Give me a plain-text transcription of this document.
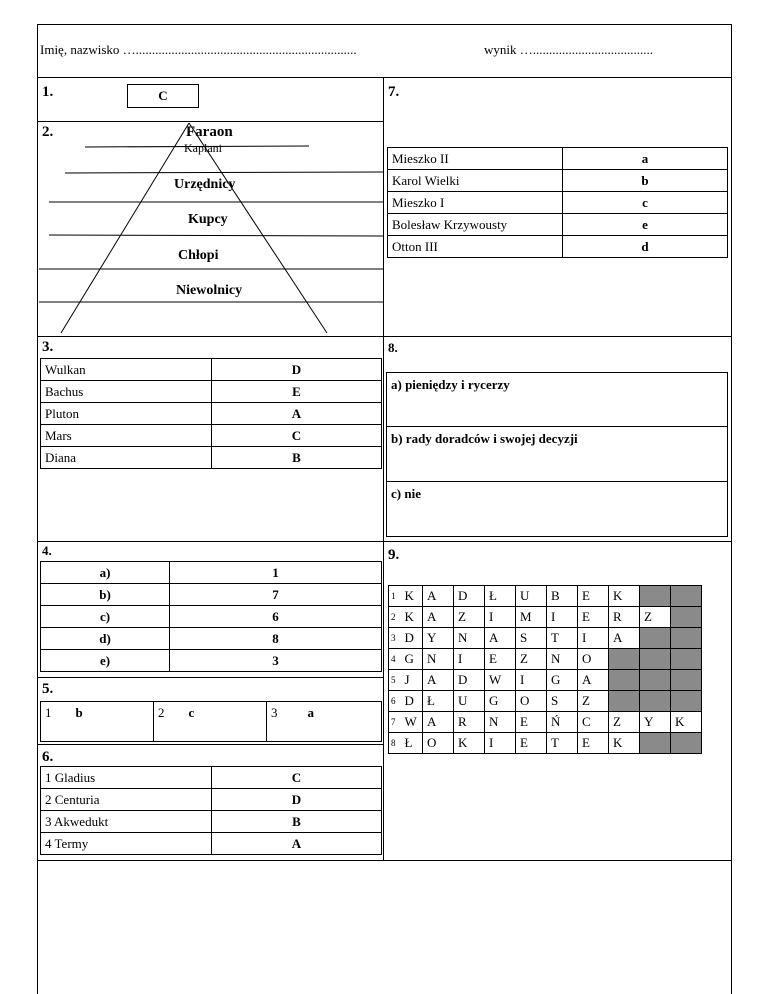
Imię, nazwisko …....................................................................	wynik ….....................................
1.	C
2.	Faraon
Kapłani
Urzędnicy
Kupcy
Chłopi
Niewolnicy
7.
Mieszko II	a
Karol Wielki	b
Mieszko I	c
Bolesław Krzywousty	e
Otton III	d
3.
Wulkan	D
Bachus	E
Pluton	A
Mars	C
Diana	B
8.
a) pieniędzy i rycerzy
b) rady doradców i swojej decyzji
c) nie
4.
a)	1
b)	7
c)	6
d)	8
e)	3
5.
1 b	2 c	3 a
6.
1 Gladius	C
2 Centuria	D
3 Akwedukt	B
4 Termy	A
9.
1	K	A	D	Ł	U	B	E	K		
2	K	A	Z	I	M	I	E	R	Z	
3	D	Y	N	A	S	T	I	A		
4	G	N	I	E	Z	N	O			
5	J	A	D	W	I	G	A			
6	D	Ł	U	G	O	S	Z			
7	W	A	R	N	E	Ń	C	Z	Y	K
8	Ł	O	K	I	E	T	E	K		
